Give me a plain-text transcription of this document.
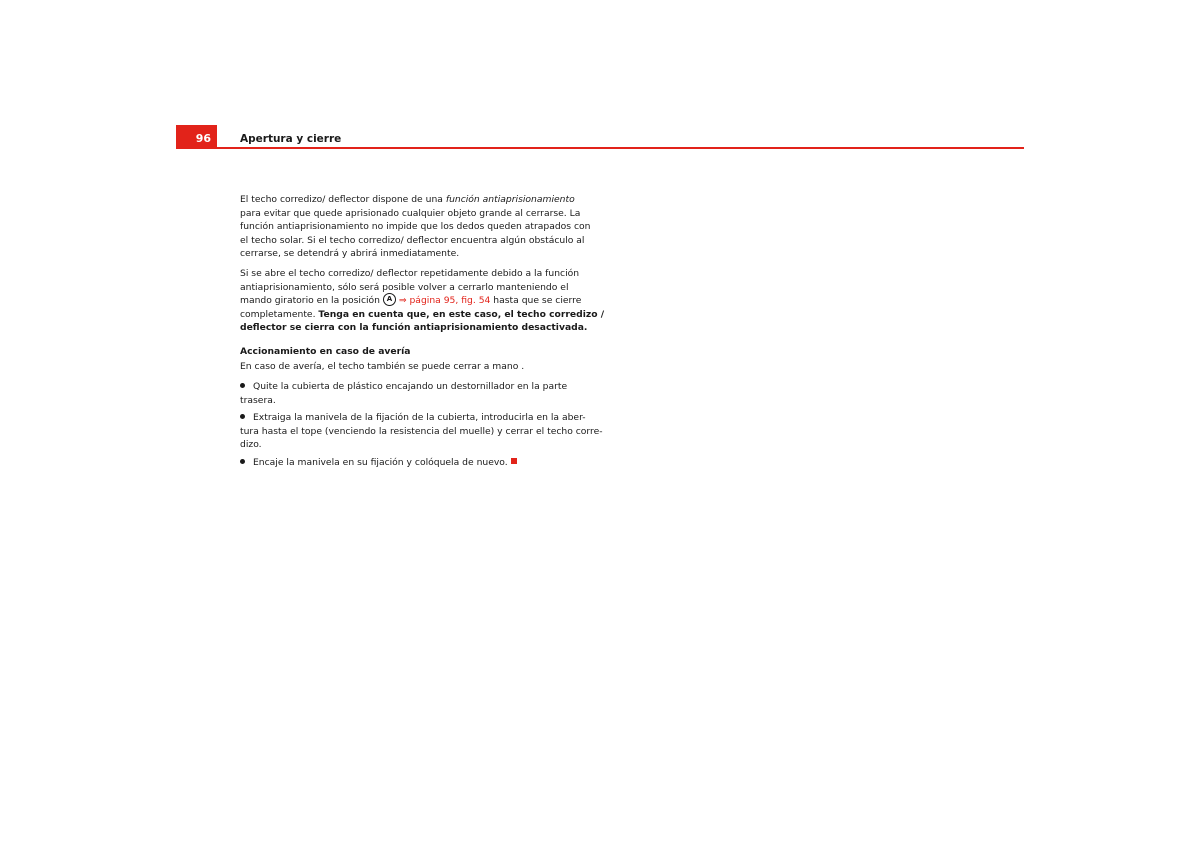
96	Apertura y cierre

El techo corredizo/ deflector dispone de una función antiaprisionamiento
para evitar que quede aprisionado cualquier objeto grande al cerrarse. La
función antiaprisionamiento no impide que los dedos queden atrapados con
el techo solar. Si el techo corredizo/ deflector encuentra algún obstáculo al
cerrarse, se detendrá y abrirá inmediatamente.

Si se abre el techo corredizo/ deflector repetidamente debido a la función
antiaprisionamiento, sólo será posible volver a cerrarlo manteniendo el
mando giratorio en la posición A ⇒ página 95, fig. 54 hasta que se cierre
completamente. Tenga en cuenta que, en este caso, el techo corredizo /
deflector se cierra con la función antiaprisionamiento desactivada.

Accionamiento en caso de avería

En caso de avería, el techo también se puede cerrar a mano .

Quite la cubierta de plástico encajando un destornillador en la parte
trasera.
Extraiga la manivela de la fijación de la cubierta, introducirla en la aber-
tura hasta el tope (venciendo la resistencia del muelle) y cerrar el techo corre-
dizo.
Encaje la manivela en su fijación y colóquela de nuevo.
